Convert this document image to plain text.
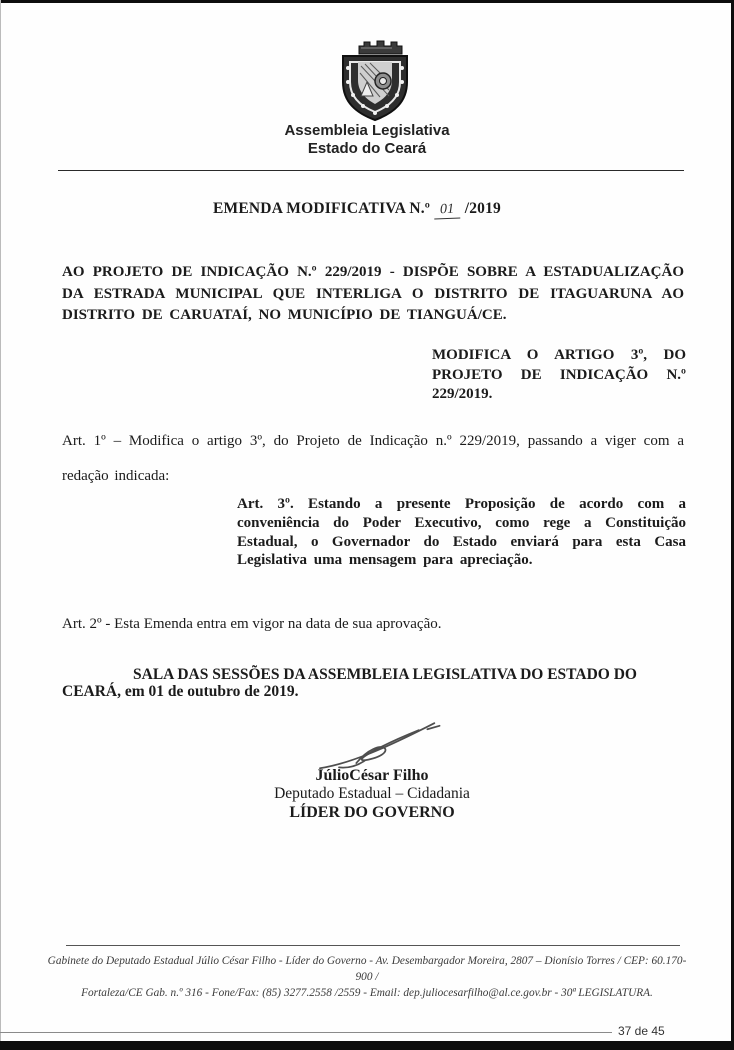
Assembleia Legislativa
Estado do Ceará
EMENDA MODIFICATIVA N.º 01 /2019
AO PROJETO DE INDICAÇÃO N.º 229/2019 - DISPÕE SOBRE A ESTADUALIZAÇÃO DA ESTRADA MUNICIPAL QUE INTERLIGA O DISTRITO DE ITAGUARUNA AO DISTRITO DE CARUATAÍ, NO MUNICÍPIO DE TIANGUÁ/CE.
MODIFICA O ARTIGO 3º, DO PROJETO DE INDICAÇÃO N.º 229/2019.
Art. 1º – Modifica o artigo 3º, do Projeto de Indicação n.º 229/2019, passando a viger com a redação indicada:
Art. 3º. Estando a presente Proposição de acordo com a conveniência do Poder Executivo, como rege a Constituição Estadual, o Governador do Estado enviará para esta Casa Legislativa uma mensagem para apreciação.
Art. 2º - Esta Emenda entra em vigor na data de sua aprovação.
SALA DAS SESSÕES DA ASSEMBLEIA LEGISLATIVA DO ESTADO DO CEARÁ, em 01 de outubro de 2019.
JúlioCésar Filho
Deputado Estadual – Cidadania
LÍDER DO GOVERNO
Gabinete do Deputado Estadual Júlio César Filho - Líder do Governo - Av. Desembargador Moreira, 2807 – Dionísio Torres / CEP: 60.170-900 /
Fortaleza/CE Gab. n.º 316 - Fone/Fax: (85) 3277.2558 /2559 - Email: dep.juliocesarfilho@al.ce.gov.br - 30ª LEGISLATURA.
37 de 45
